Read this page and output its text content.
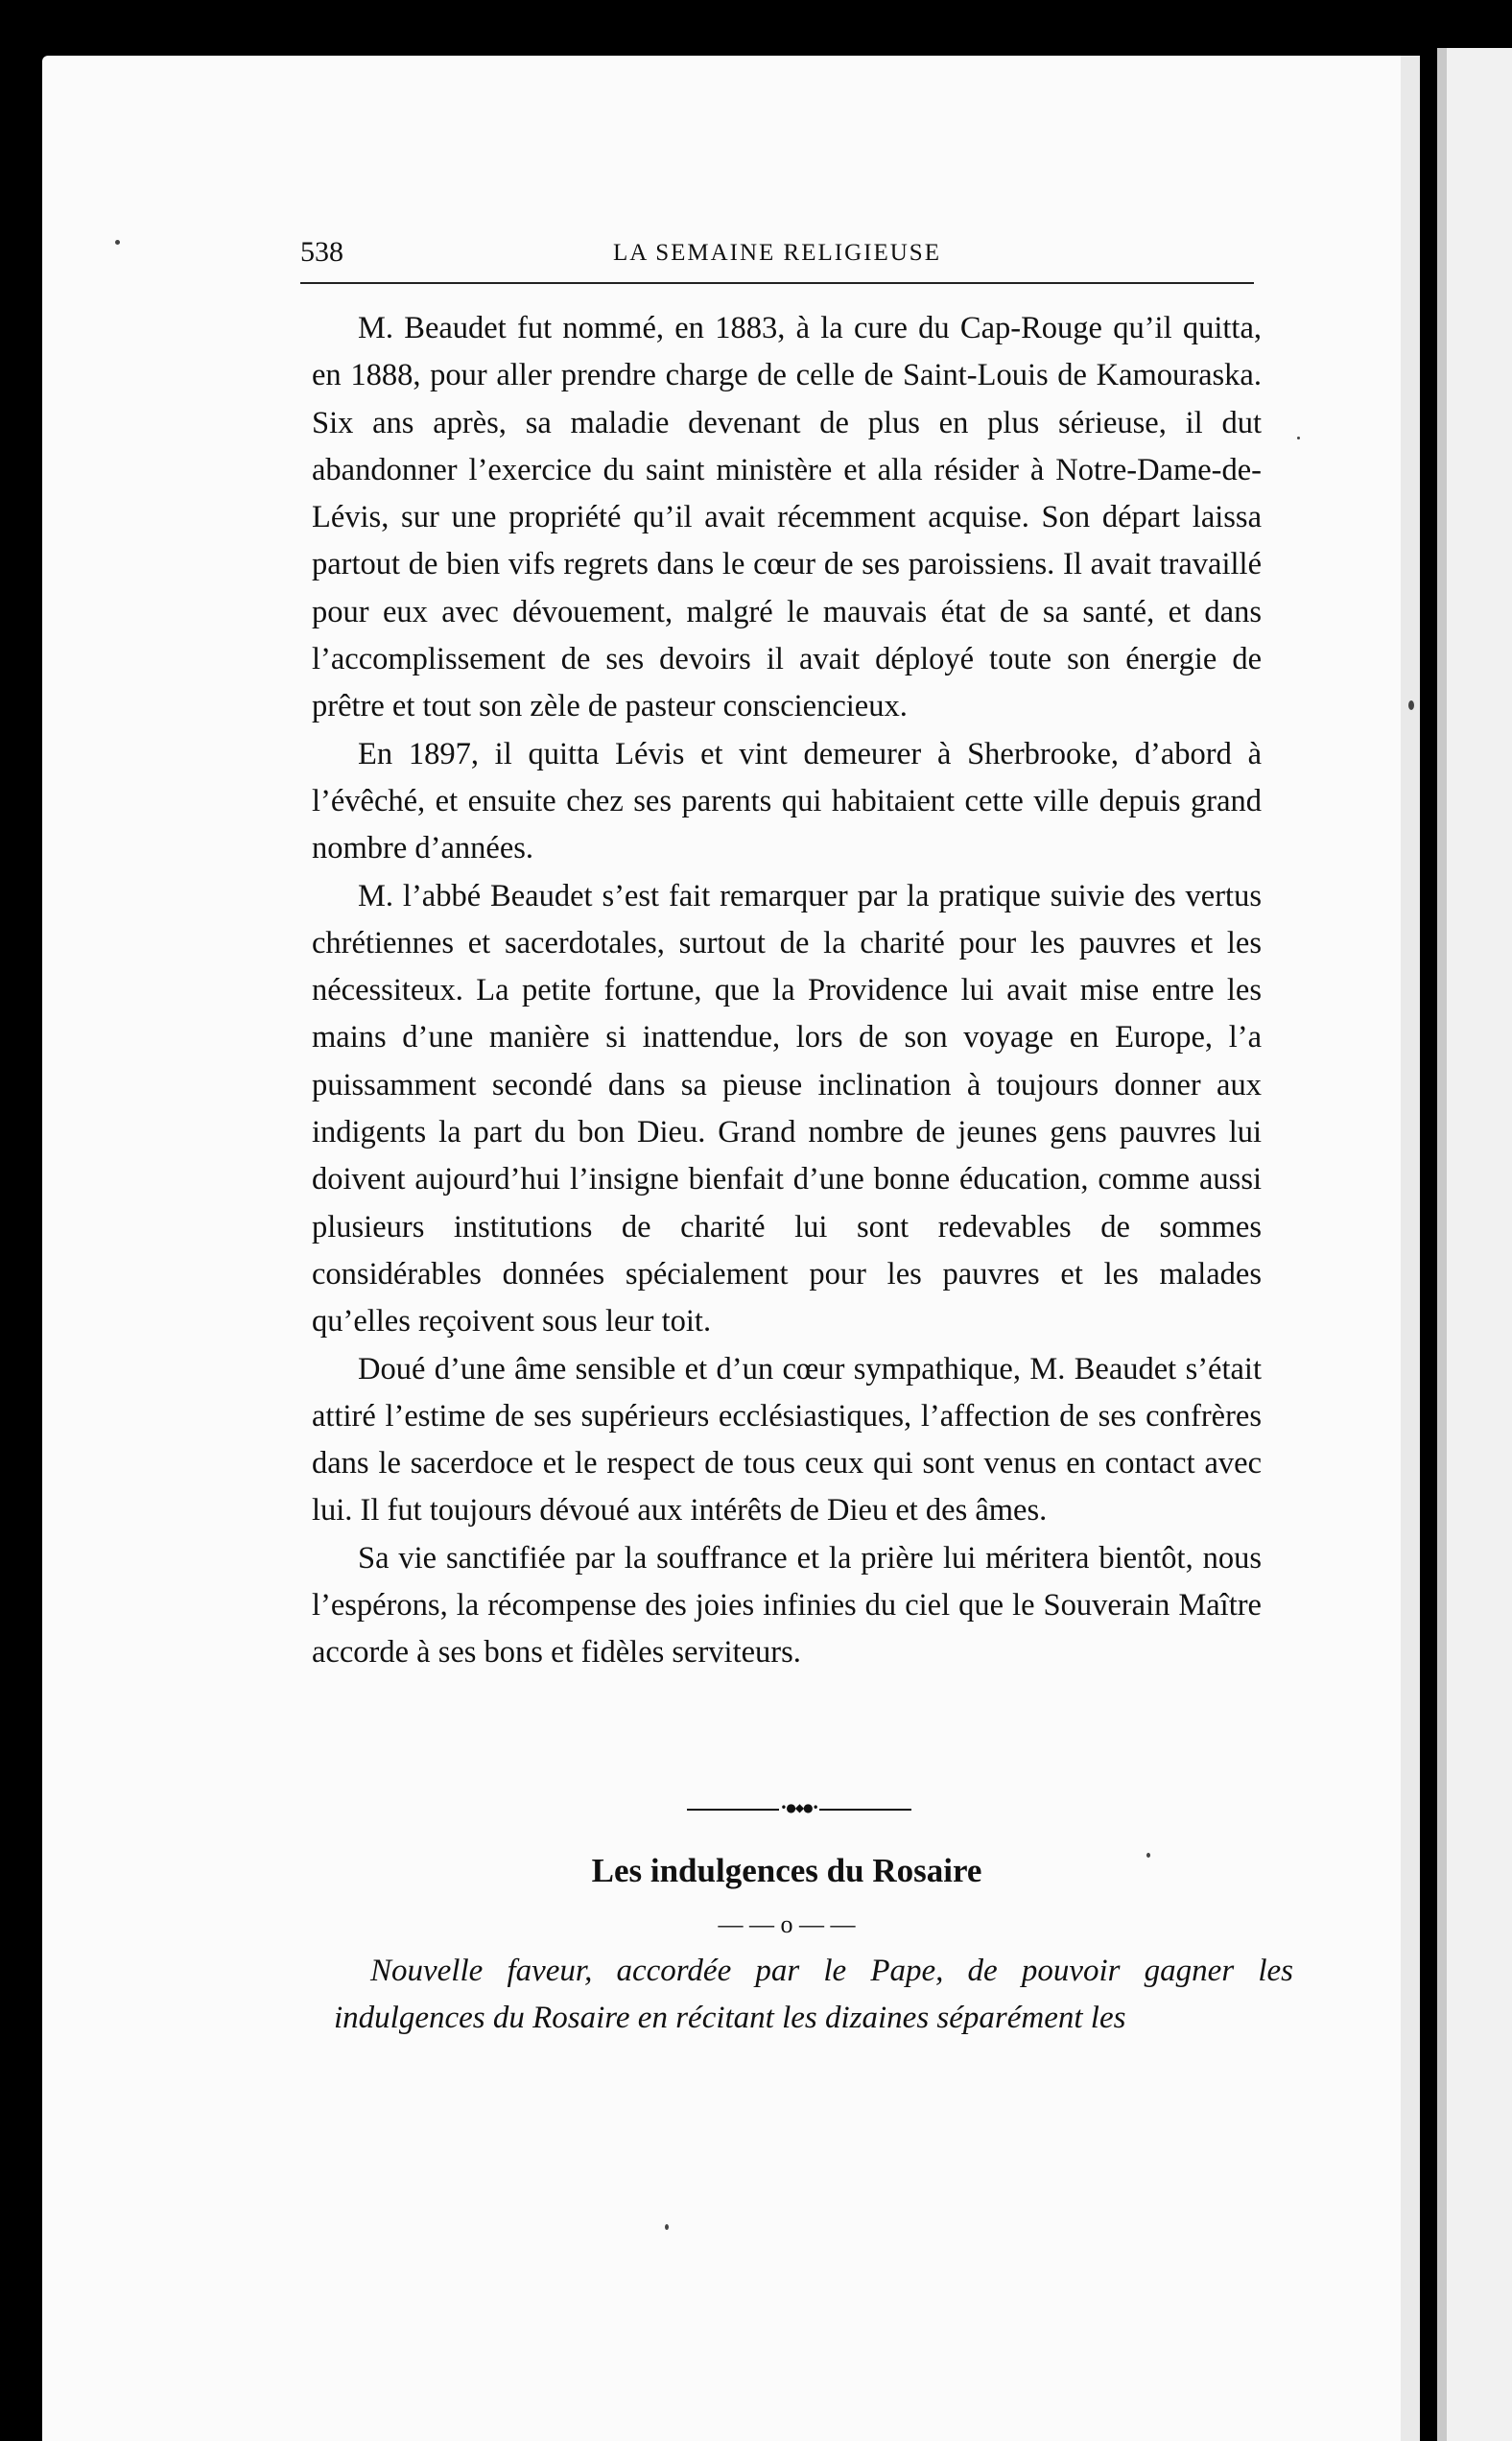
538	LA SEMAINE RELIGIEUSE

M. Beaudet fut nommé, en 1883, à la cure du Cap-Rouge qu’il quitta, en 1888, pour aller prendre charge de celle de Saint-Louis de Kamouraska. Six ans après, sa maladie devenant de plus en plus sérieuse, il dut abandonner l’exercice du saint ministère et alla résider à Notre-Dame-de-Lévis, sur une propriété qu’il avait récemment acquise. Son départ laissa partout de bien vifs regrets dans le cœur de ses paroissiens. Il avait travaillé pour eux avec dévouement, malgré le mauvais état de sa santé, et dans l’accomplissement de ses devoirs il avait déployé toute son énergie de prêtre et tout son zèle de pasteur consciencieux.

En 1897, il quitta Lévis et vint demeurer à Sherbrooke, d’abord à l’évêché, et ensuite chez ses parents qui habitaient cette ville depuis grand nombre d’années.

M. l’abbé Beaudet s’est fait remarquer par la pratique suivie des vertus chrétiennes et sacerdotales, surtout de la charité pour les pauvres et les nécessiteux. La petite fortune, que la Providence lui avait mise entre les mains d’une manière si inattendue, lors de son voyage en Europe, l’a puissamment secondé dans sa pieuse inclination à toujours donner aux indigents la part du bon Dieu. Grand nombre de jeunes gens pauvres lui doivent aujourd’hui l’insigne bienfait d’une bonne éducation, comme aussi plusieurs institutions de charité lui sont redevables de sommes considérables données spécialement pour les pauvres et les malades qu’elles reçoivent sous leur toit.

Doué d’une âme sensible et d’un cœur sympathique, M. Beaudet s’était attiré l’estime de ses supérieurs ecclésiastiques, l’affection de ses confrères dans le sacerdoce et le respect de tous ceux qui sont venus en contact avec lui. Il fut toujours dévoué aux intérêts de Dieu et des âmes.

Sa vie sanctifiée par la souffrance et la prière lui méritera bientôt, nous l’espérons, la récompense des joies infinies du ciel que le Souverain Maître accorde à ses bons et fidèles serviteurs.

•●◆●•
Les indulgences du Rosaire
— — o — —

Nouvelle faveur, accordée par le Pape, de pouvoir gagner les indulgences du Rosaire en récitant les dizaines séparément les
